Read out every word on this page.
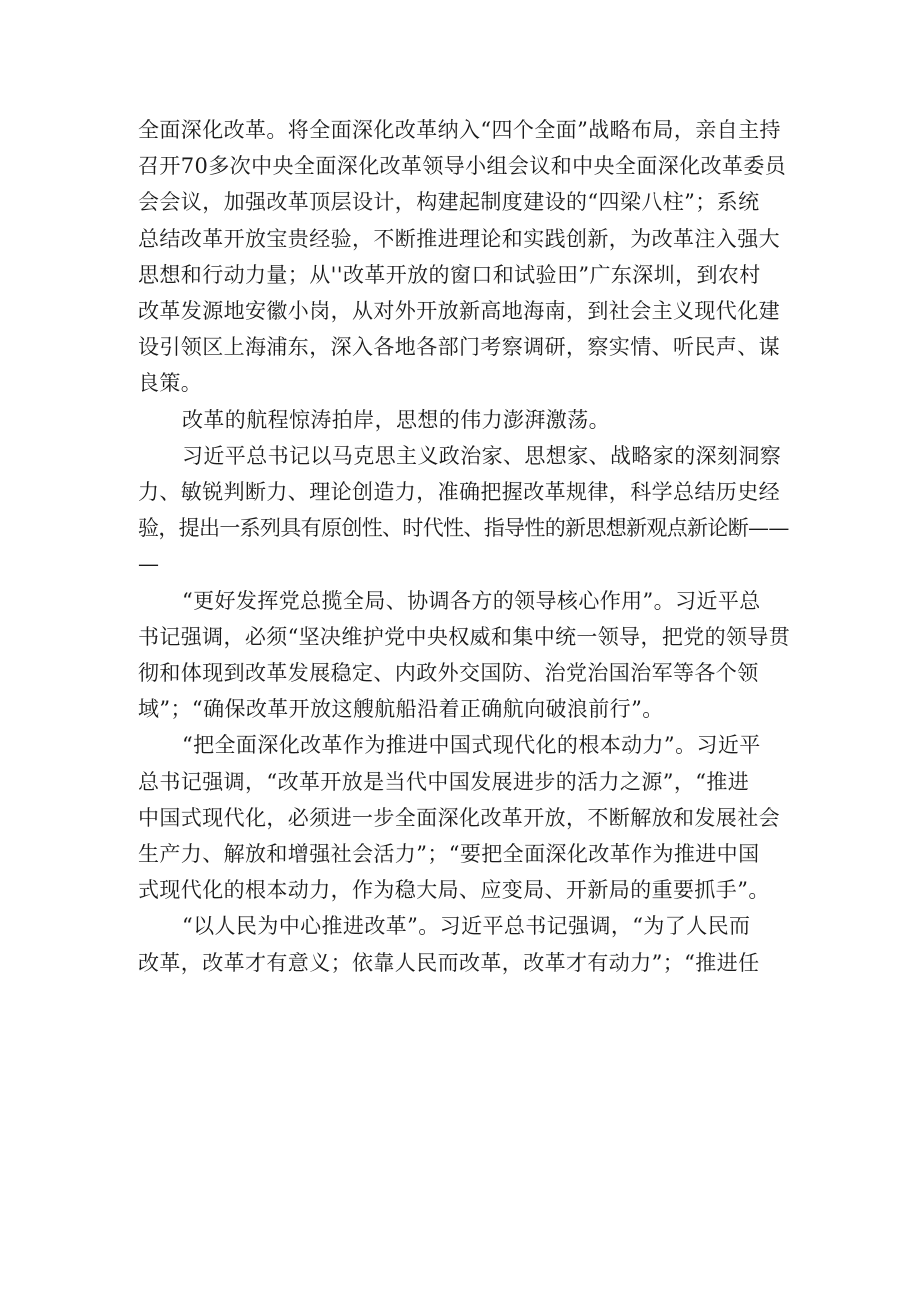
全面深化改革。将全面深化改革纳入“四个全面”战略布局，亲自主持
召开70多次中央全面深化改革领导小组会议和中央全面深化改革委员
会会议，加强改革顶层设计，构建起制度建设的“四梁八柱”；系统
总结改革开放宝贵经验，不断推进理论和实践创新，为改革注入强大
思想和行动力量；从''改革开放的窗口和试验田”广东深圳，到农村
改革发源地安徽小岗，从对外开放新高地海南，到社会主义现代化建
设引领区上海浦东，深入各地各部门考察调研，察实情、听民声、谋
良策。
改革的航程惊涛拍岸，思想的伟力澎湃激荡。
习近平总书记以马克思主义政治家、思想家、战略家的深刻洞察
力、敏锐判断力、理论创造力，准确把握改革规律，科学总结历史经
验，提出一系列具有原创性、时代性、指导性的新思想新观点新论断——
—
“更好发挥党总揽全局、协调各方的领导核心作用”。习近平总
书记强调，必须“坚决维护党中央权威和集中统一领导，把党的领导贯
彻和体现到改革发展稳定、内政外交国防、治党治国治军等各个领
域”；“确保改革开放这艘航船沿着正确航向破浪前行”。
“把全面深化改革作为推进中国式现代化的根本动力”。习近平
总书记强调，“改革开放是当代中国发展进步的活力之源”，“推进
中国式现代化，必须进一步全面深化改革开放，不断解放和发展社会
生产力、解放和增强社会活力”；“要把全面深化改革作为推进中国
式现代化的根本动力，作为稳大局、应变局、开新局的重要抓手”。
“以人民为中心推进改革”。习近平总书记强调，“为了人民而
改革，改革才有意义；依靠人民而改革，改革才有动力”；“推进任
